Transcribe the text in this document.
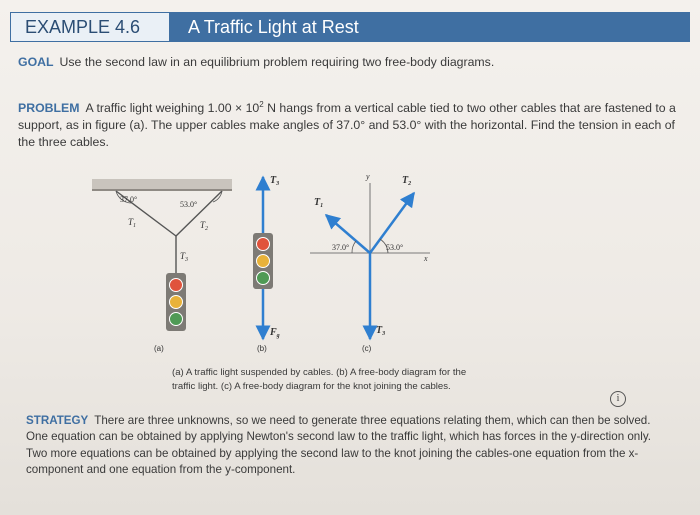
EXAMPLE 4.6	A Traffic Light at Rest
GOAL Use the second law in an equilibrium problem requiring two free-body diagrams.
PROBLEM A traffic light weighing $1.00 \times 10^2$ N hangs from a vertical cable tied to two other cables that are fastened to a support, as in figure (a). The upper cables make angles of 37.0° and 53.0° with the horizontal. Find the tension in each of the three cables.
37.0°
53.0°
$T_1$	$T_2$
$T_3$
(a)
$T_3$
$F_g$
(b)
y
x
$T_1$
$T_2$
$T_3$
37.0°	53.0°
(c)
(a) A traffic light suspended by cables. (b) A free-body diagram for the
traffic light. (c) A free-body diagram for the knot joining the cables.
i
STRATEGY There are three unknowns, so we need to generate three equations relating them, which can then be solved. One equation can be obtained by applying Newton's second law to the traffic light, which has forces in the y-direction only. Two more equations can be obtained by applying the second law to the knot joining the cables-one equation from the x-component and one equation from the y-component.
